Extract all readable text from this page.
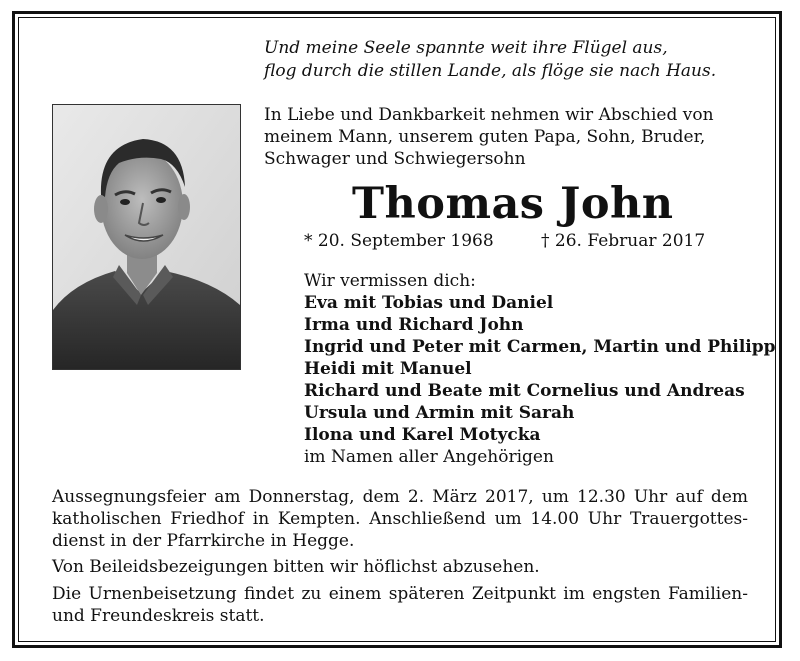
Und meine Seele spannte weit ihre Flügel aus,
flog durch die stillen Lande, als flöge sie nach Haus.
In Liebe und Dankbarkeit nehmen wir Abschied von
meinem Mann, unserem guten Papa, Sohn, Bruder,
Schwager und Schwiegersohn
Thomas John
* 20. September 1968	† 26. Februar 2017
Wir vermissen dich:
Eva mit Tobias und Daniel
Irma und Richard John
Ingrid und Peter mit Carmen, Martin und Philipp
Heidi mit Manuel
Richard und Beate mit Cornelius und Andreas
Ursula und Armin mit Sarah
Ilona und Karel Motycka
im Namen aller Angehörigen
Aussegnungsfeier am Donnerstag, dem 2. März 2017, um 12.30 Uhr auf dem katholischen Friedhof in Kempten. Anschließend um 14.00 Uhr Trauergottes-dienst in der Pfarrkirche in Hegge.
Von Beileidsbezeigungen bitten wir höflichst abzusehen.
Die Urnenbeisetzung findet zu einem späteren Zeitpunkt im engsten Familien- und Freundeskreis statt.
